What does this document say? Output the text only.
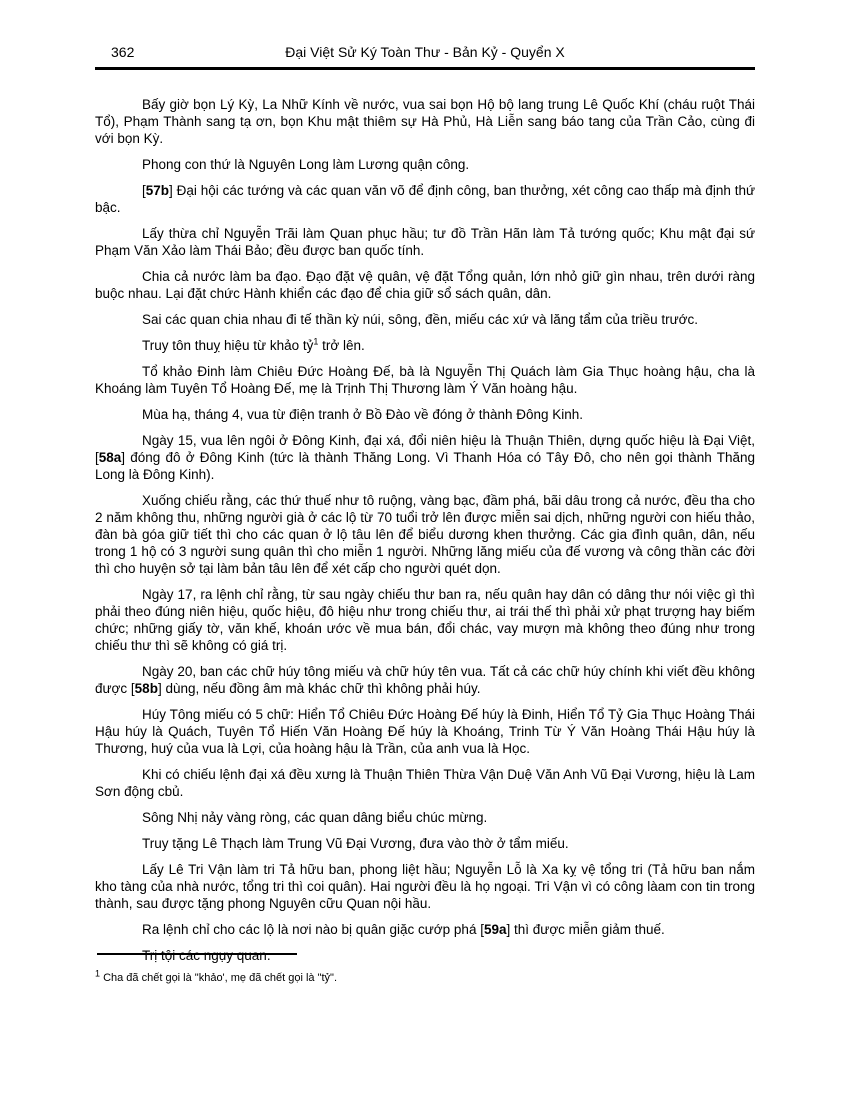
362	Đại Việt Sử Ký Toàn Thư - Bản Kỷ - Quyển X

Bấy giờ bọn Lý Kỳ, La Nhữ Kính về nước, vua sai bọn Hộ bộ lang trung Lê Quốc Khí (cháu ruột Thái Tổ), Phạm Thành sang tạ ơn, bọn Khu mật thiêm sự Hà Phủ, Hà Liễn sang báo tang của Trần Cảo, cùng đi với bọn Kỳ.

Phong con thứ là Nguyên Long làm Lương quận công.

[57b] Đại hội các tướng và các quan văn võ để định công, ban thưởng, xét công cao thấp mà định thứ bậc.

Lấy thừa chỉ Nguyễn Trãi làm Quan phục hầu; tư đồ Trần Hãn làm Tả tướng quốc; Khu mật đại sứ Phạm Văn Xảo làm Thái Bảo; đều được ban quốc tính.

Chia cả nước làm ba đạo. Đạo đặt vệ quân, vệ đặt Tổng quản, lớn nhỏ giữ gìn nhau, trên dưới ràng buộc nhau. Lại đặt chức Hành khiển các đạo để chia giữ sổ sách quân, dân.

Sai các quan chia nhau đi tế thần kỳ núi, sông, đền, miếu các xứ và lăng tẩm của triều trước.

Truy tôn thuỵ hiệu từ khảo tỷ$^1$ trở lên.

Tổ khảo Đinh làm Chiêu Đức Hoàng Đế, bà là Nguyễn Thị Quách làm Gia Thục hoàng hậu, cha là Khoáng làm Tuyên Tổ Hoàng Đế, mẹ là Trịnh Thị Thương làm Ý Văn hoàng hậu.

Mùa hạ, tháng 4, vua từ điện tranh ở Bồ Đào về đóng ở thành Đông Kinh.

Ngày 15, vua lên ngôi ở Đông Kinh, đại xá, đổi niên hiệu là Thuận Thiên, dựng quốc hiệu là Đại Việt, [58a] đóng đô ở Đông Kinh (tức là thành Thăng Long. Vì Thanh Hóa có Tây Đô, cho nên gọi thành Thăng Long là Đông Kinh).

Xuống chiếu rằng, các thứ thuế như tô ruộng, vàng bạc, đầm phá, bãi dâu trong cả nước, đều tha cho 2 năm không thu, những người già ở các lộ từ 70 tuổi trở lên được miễn sai dịch, những người con hiếu thảo, đàn bà góa giữ tiết thì cho các quan ở lộ tâu lên để biểu dương khen thưởng. Các gia đình quân, dân, nếu trong 1 hộ có 3 người sung quân thì cho miễn 1 người. Những lăng miếu của đế vương và công thần các đời thì cho huyện sở tại làm bản tâu lên để xét cấp cho người quét dọn.

Ngày 17, ra lệnh chỉ rằng, từ sau ngày chiếu thư ban ra, nếu quân hay dân có dâng thư nói việc gì thì phải theo đúng niên hiệu, quốc hiệu, đô hiệu như trong chiếu thư, ai trái thế thì phải xử phạt trượng hay biếm chức; những giấy tờ, văn khế, khoán ước về mua bán, đổi chác, vay mượn mà không theo đúng như trong chiếu thư thì sẽ không có giá trị.

Ngày 20, ban các chữ húy tông miếu và chữ húy tên vua. Tất cả các chữ húy chính khi viết đều không được [58b] dùng, nếu đồng âm mà khác chữ thì không phải húy.

Húy Tông miếu có 5 chữ: Hiển Tổ Chiêu Đức Hoàng Đế húy là Đinh, Hiển Tổ Tỷ Gia Thục Hoàng Thái Hậu húy là Quách, Tuyên Tổ Hiến Văn Hoàng Đế húy là Khoáng, Trinh Từ Ý Văn Hoàng Thái Hậu húy là Thương, huý của vua là Lợi, của hoàng hậu là Trần, của anh vua là Học.

Khi có chiếu lệnh đại xá đều xưng là Thuận Thiên Thừa Vận Duệ Văn Anh Vũ Đại Vương, hiệu là Lam Sơn động cbủ.

Sông Nhị nảy vàng ròng, các quan dâng biểu chúc mừng.

Truy tặng Lê Thạch làm Trung Vũ Đại Vương, đưa vào thờ ở tẩm miếu.

Lấy Lê Tri Vận làm tri Tả hữu ban, phong liệt hầu; Nguyễn Lỗ là Xa kỵ vệ tổng tri (Tả hữu ban nắm kho tàng của nhà nước, tổng tri thì coi quân). Hai người đều là họ ngoại. Tri Vận vì có công làam con tin trong thành, sau được tặng phong Nguyên cữu Quan nội hầu.

Ra lệnh chỉ cho các lộ là nơi nào bị quân giặc cướp phá [59a] thì được miễn giảm thuế.

Trị tội các ngụy quan.

$^1$ Cha đã chết gọi là "khảo', mẹ đã chết gọi là "tỷ".
